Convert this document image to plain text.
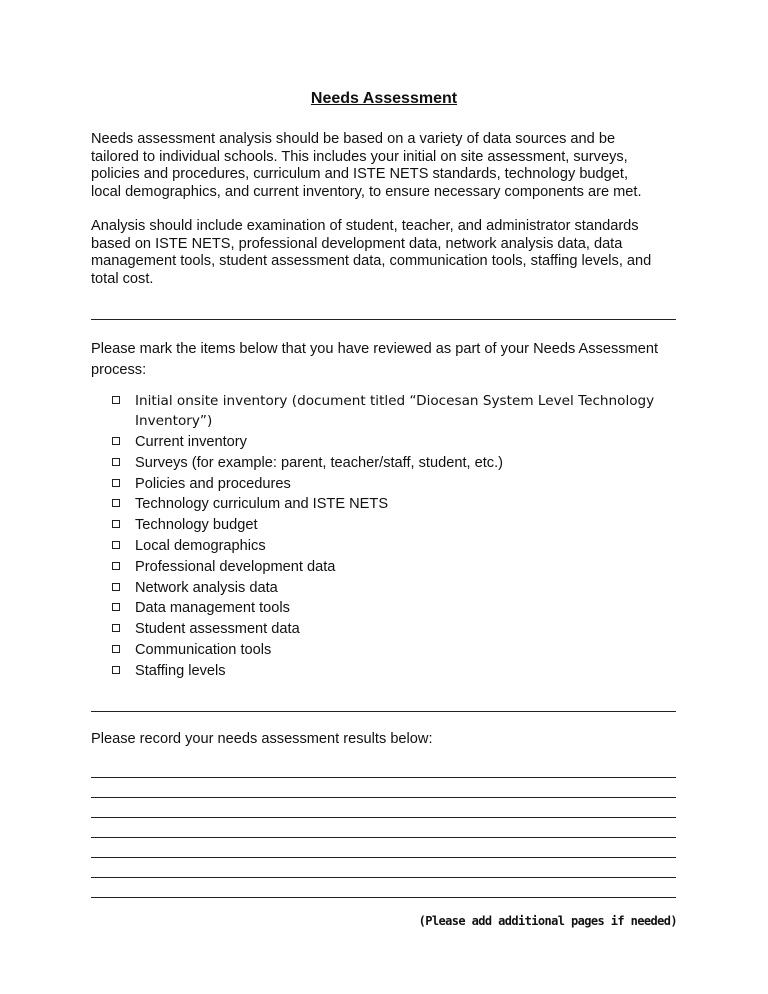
Needs Assessment
Needs assessment analysis should be based on a variety of data sources and be
tailored to individual schools. This includes your initial on site assessment, surveys,
policies and procedures, curriculum and ISTE NETS standards, technology budget,
local demographics, and current inventory, to ensure necessary components are met.
Analysis should include examination of student, teacher, and administrator standards
based on ISTE NETS, professional development data, network analysis data, data
management tools, student assessment data, communication tools, staffing levels, and
total cost.
Please mark the items below that you have reviewed as part of your Needs Assessment
process:
Initial onsite inventory (document titled “Diocesan System Level Technology
Inventory”)
Current inventory
Surveys (for example: parent, teacher/staff, student, etc.)
Policies and procedures
Technology curriculum and ISTE NETS
Technology budget
Local demographics
Professional development data
Network analysis data
Data management tools
Student assessment data
Communication tools
Staffing levels
Please record your needs assessment results below:
(Please add additional pages if needed)
